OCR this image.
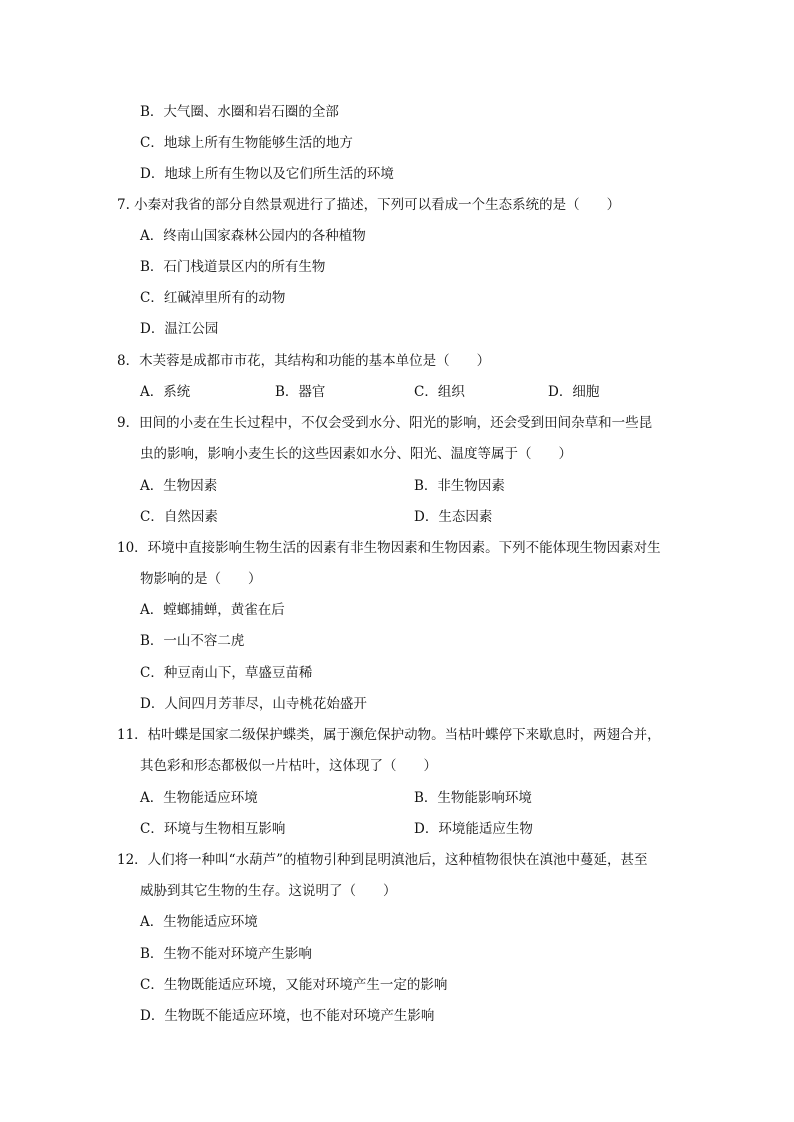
B．大气圈、水圈和岩石圈的全部
C．地球上所有生物能够生活的地方
D．地球上所有生物以及它们所生活的环境
7. 小秦对我省的部分自然景观进行了描述，下列可以看成一个生态系统的是（　　）
A．终南山国家森林公园内的各种植物
B．石门栈道景区内的所有生物
C．红碱淖里所有的动物
D．温江公园
8．木芙蓉是成都市市花，其结构和功能的基本单位是（　　）
A．系统	B．器官	C．组织	D．细胞
9．田间的小麦在生长过程中，不仅会受到水分、阳光的影响，还会受到田间杂草和一些昆
虫的影响，影响小麦生长的这些因素如水分、阳光、温度等属于（　　）
A．生物因素	B．非生物因素
C．自然因素	D．生态因素
10．环境中直接影响生物生活的因素有非生物因素和生物因素。下列不能体现生物因素对生
物影响的是（　　）
A．螳螂捕蝉，黄雀在后
B．一山不容二虎
C．种豆南山下，草盛豆苗稀
D．人间四月芳菲尽，山寺桃花始盛开
11．枯叶蝶是国家二级保护蝶类，属于濒危保护动物。当枯叶蝶停下来歇息时，两翅合并，
其色彩和形态都极似一片枯叶，这体现了（　　）
A．生物能适应环境	B．生物能影响环境
C．环境与生物相互影响	D．环境能适应生物
12．人们将一种叫“水葫芦”的植物引种到昆明滇池后，这种植物很快在滇池中蔓延，甚至
威胁到其它生物的生存。这说明了（　　）
A．生物能适应环境
B．生物不能对环境产生影响
C．生物既能适应环境，又能对环境产生一定的影响
D．生物既不能适应环境，也不能对环境产生影响
